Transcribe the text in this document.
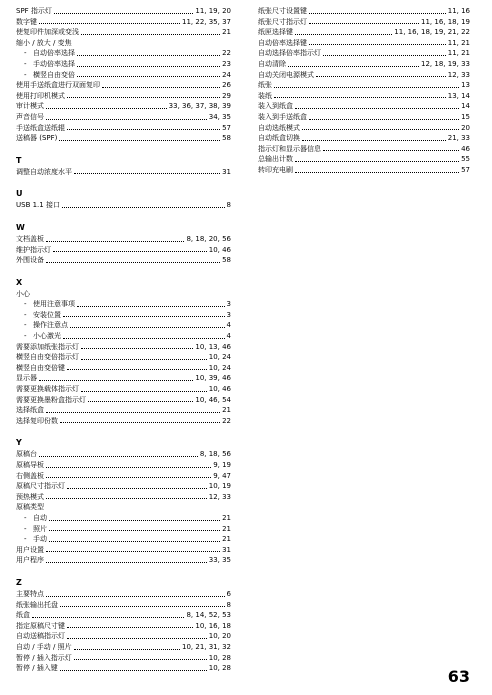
SPF 指示灯	11, 19, 20
数字键	11, 22, 35, 37
使复印件加深或变浅	21
缩小 / 放大 / 变焦
- 自动倍率选择	22
- 手动倍率选择	23
- 横竖自由变倍	24
使用手送纸盒进行双面复印	26
使用打印机模式	29
审计模式	33, 36, 37, 38, 39
声音信号	34, 35
手送纸盒送纸辊	57
送稿器 (SPF)	58
T
调整自动浓度水平	31
U
USB 1.1 接口	8
W
文档盖板	8, 18, 20, 56
维护指示灯	10, 46
外围设备	58
X
小心
- 使用注意事项	3
- 安装位置	3
- 操作注意点	4
- 小心激光	4
需要添加纸张指示灯	10, 13, 46
横竖自由变倍指示灯	10, 24
横竖自由变倍键	10, 24
显示器	10, 39, 46
需要更换载体指示灯	10, 46
需要更换墨粉盒指示灯	10, 46, 54
选择纸盒	21
选择复印份数	22
Y
原稿台	8, 18, 56
原稿导板	9, 19
右侧盖板	9, 47
原稿尺寸指示灯	10, 19
预热模式	12, 33
原稿类型
- 自动	21
- 照片	21
- 手动	21
用户设置	31
用户程序	33, 35
Z
主要特点	6
纸张输出托盘	8
纸盒	8, 14, 52, 53
指定原稿尺寸键	10, 16, 18
自动送稿指示灯	10, 20
自动 / 手动 / 照片	10, 21, 31, 32
暂停 / 插入指示灯	10, 28
暂停 / 插入键	10, 28
纸张尺寸设置键	11, 16
纸张尺寸指示灯	11, 16, 18, 19
纸匣选择键	11, 16, 18, 19, 21, 22
自动倍率选择键	11, 21
自动选择倍率指示灯	11, 21
自动清除	12, 18, 19, 33
自动关闭电源模式	12, 33
纸张	13
装纸	13, 14
装入到纸盒	14
装入到手送纸盒	15
自动选纸模式	20
自动纸盒切换	21, 33
指示灯和显示器信息	46
总输出计数	55
转印充电刷	57
63
